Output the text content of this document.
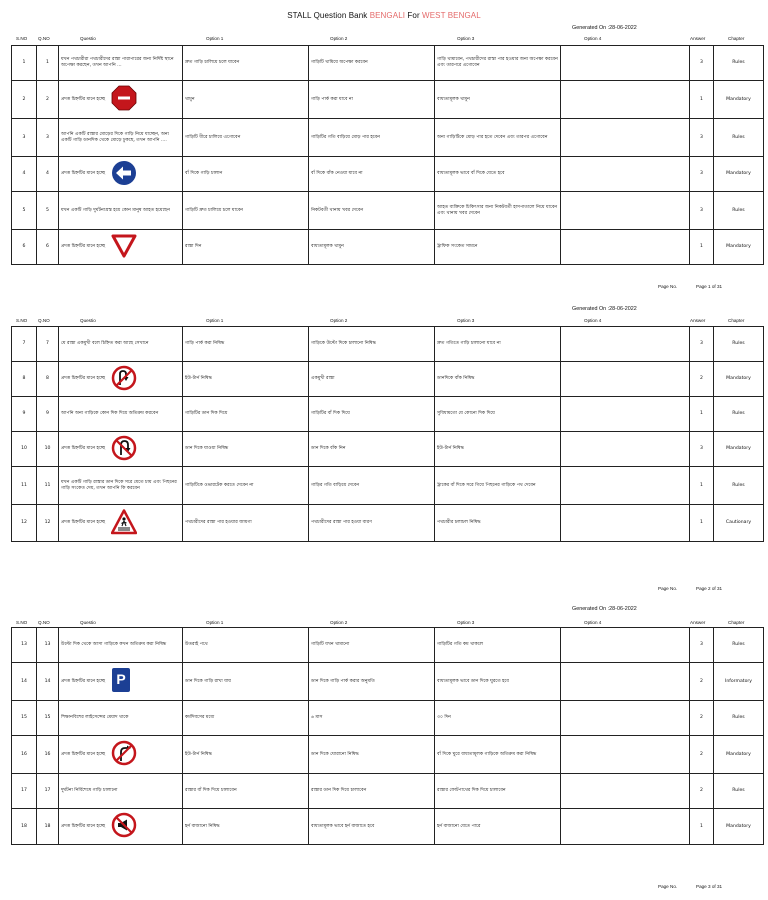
STALL Question Bank BENGALI For WEST BENGAL
Generated On :28-06-2022
S.NO Q.NO	Questio	Option 1	Option 2	Option 3	Option 4	Answer	Chapter
1	1	যখন পথচারীরা পথচারীদের রাস্তা পারাপারের জন্য নির্দিষ্ট স্থানে অপেক্ষা করছেন, তখন আপনি ...	দ্রুত গাড়ি চালিয়ে চলে যাবেন	গাড়িটি থামিয়ে অপেক্ষা করবেন	গাড়ি থামাবেন, পথচারীদের রাস্তা পার হওয়ার জন্য অপেক্ষা করবেন এবং তারপরে এগোবেন		3	Rules
2	2	প্রদত্ত চিহ্নটির মানে হচ্ছে	থামুন	গাড়ি পার্ক করা যাবে না	বাধ্যতামূলক থামুন		1	Mandatory
3	3	আপনি একটি রাস্তার মোড়ের দিকে গাড়ি নিয়ে যাচ্ছেন, অন্য একটি গাড়ি ডানদিক থেকে মোড়ে ঢুকছে, তখন আপনি ....	গাড়িটি ধীরে চালিয়ে এগোবেন	গাড়িটির গতি বাড়িয়ে মোড় পার হবেন	অন্য গাড়িটিকে মোড় পার হতে দেবেন এবং তারপর এগোবেন		3	Rules
4	4	প্রদত্ত চিহ্নটির মানে হচ্ছে	বাঁ দিকে গাড়ি চালান	বাঁ দিকে বাঁক নেওয়া যাবে না	বাধ্যতামূলক ভাবে বাঁ দিকে যেতে হবে		3	Mandatory
5	5	যখন একটি গাড়ি দুর্ঘটনাগ্রস্ত হয়ে কোন মানুষ আহত হয়েছেন	গাড়িটি দ্রুত চালিয়ে চলে যাবেন	নিকটবর্তী থানায় খবর দেবেন	আহত ব্যক্তিকে চিকিৎসার জন্য নিকটবর্তী হাসপাতালে নিয়ে যাবেন এবং থানায় খবর দেবেন		3	Rules
6	6	প্রদত্ত চিহ্নটির মানে হচ্ছে	রাস্তা দিন	বাধ্যতামূলক থামুন	ট্রাফিক সংকেত সামনে		1	Mandatory
Page No.	Page 1 of 31
Generated On :28-06-2022
S.NO Q.NO	Questio	Option 1	Option 2	Option 3	Option 4	Answer	Chapter
7	7	যে রাস্তা একমুখী বলে চিহ্নিত করা আছে সেখানে	গাড়ি পার্ক করা নিষিদ্ধ	গাড়িকে উল্টো দিকে চালানো নিষিদ্ধ	দ্রুত গতিতে গাড়ি চালানো যাবে না		3	Rules
8	8	প্রদত্ত চিহ্নটির মানে হচ্ছে	ইউ-টার্ন নিষিদ্ধ	একমুখী রাস্তা	ডানদিকে বাঁক নিষিদ্ধ		2	Mandatory
9	9	আপনি অন্য গাড়িকে কোন দিক দিয়ে অতিক্রম করবেন	গাড়িটির ডান দিক দিয়ে	গাড়িটির বাঁ দিক দিয়ে	সুবিধামতো যে কোনো দিক দিয়ে		1	Rules
10	10	প্রদত্ত চিহ্নটির মানে হচ্ছে	ডান দিকে যাওয়া নিষিদ্ধ	ডান দিকে বাঁক নিন	ইউ-টার্ন নিষিদ্ধ		3	Mandatory
11	11	যখন একটি গাড়ি রাস্তার ডান দিকে সরে যেতে চায় এবং পিছনের গাড়ি সংকেত দেয়, তখন আপনি কি করবেন	গাড়িটিকে ওভারটেক করতে দেবেন না	গাড়ির গতি বাড়িয়ে দেবেন	ট্রাকের বাঁ দিকে সরে গিয়ে পিছনের গাড়িকে পথ দেবেন		1	Rules
12	12	প্রদত্ত চিহ্নটির মানে হচ্ছে	পথচারীদের রাস্তা পার হওয়ার জায়গা	পথচারীদের রাস্তা পার হওয়া বারণ	পথচারীর চলাচল নিষিদ্ধ		1	Cautionary
Page No.	Page 2 of 31
Generated On :28-06-2022
S.NO Q.NO	Questio	Option 1	Option 2	Option 3	Option 4	Answer	Chapter
13	13	উল্টো দিক থেকে আসা গাড়িকে কখন অতিক্রম করা নিষিদ্ধ	উতরাই পথে	গাড়িটি যখন থামানো	গাড়িটির গতি কম থাকলে		3	Rules
14	14	প্রদত্ত চিহ্নটির মানে হচ্ছে P	ডান দিকে গাড়ি রাখা যায়	ডান দিকে গাড়ি পার্ক করার অনুমতি	বাধ্যতামূলক ভাবে ডান দিকে ঘুরতে হবে		2	Informatory
15	15	শিক্ষানবিশের লাইসেন্সের মেয়াদ থাকে	কর্মদিবসের মধ্যে	৬ মাস	৩০ দিন		2	Rules
16	16	প্রদত্ত চিহ্নটির মানে হচ্ছে	ইউ-টার্ন নিষিদ্ধ	ডান দিকে ঘোরানো নিষিদ্ধ	বাঁ দিকে ঘুরে বাধ্যতামূলক গাড়িকে অতিক্রম করা নিষিদ্ধ		2	Mandatory
17	17	দুর্ঘটনা নির্বিশেষে গাড়ি চালানো	রাস্তার বাঁ দিক দিয়ে চালাবেন	রাস্তার ডান দিক দিয়ে চালাবেন	রাস্তার ফোটপাথের দিক দিয়ে চালাবেন		2	Rules
18	18	প্রদত্ত চিহ্নটির মানে হচ্ছে	হর্ন বাজানো নিষিদ্ধ	বাধ্যতামূলক ভাবে হর্ন বাজাতে হবে	হর্ন বাজানো যেতে পারে		1	Mandatory
Page No.	Page 3 of 31
